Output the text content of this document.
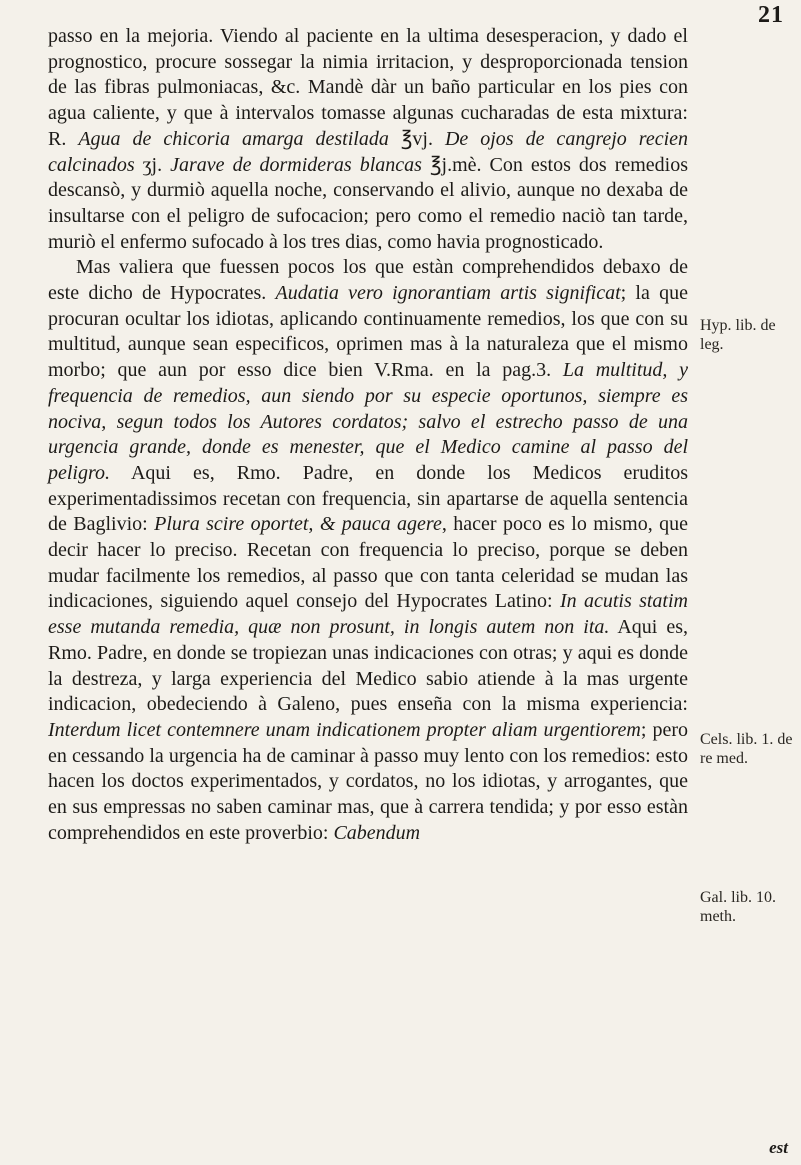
21

passo en la mejoria. Viendo al paciente en la ultima desesperacion, y dado el prognostico, procure sossegar la nimia irritacion, y desproporcionada tension de las fibras pulmoniacas, &c. Mandè dàr un baño particular en los pies con agua caliente, y que à intervalos tomasse algunas cucharadas de esta mixtura: R. Agua de chicoria amarga destilada ℥vj. De ojos de cangrejo recien calcinados ʒj. Jarave de dormideras blancas ℥j.mè. Con estos dos remedios descansò, y durmiò aquella noche, conservando el alivio, aunque no dexaba de insultarse con el peligro de sufocacion; pero como el remedio naciò tan tarde, muriò el enfermo sufocado à los tres dias, como havia prognosticado.

Mas valiera que fuessen pocos los que estàn comprehendidos debaxo de este dicho de Hypocrates. Audatia vero ignorantiam artis significat; la que procuran ocultar los idiotas, aplicando continuamente remedios, los que con su multitud, aunque sean especificos, oprimen mas à la naturaleza que el mismo morbo; que aun por esso dice bien V.Rma. en la pag.3. La multitud, y frequencia de remedios, aun siendo por su especie oportunos, siempre es nociva, segun todos los Autores cordatos; salvo el estrecho passo de una urgencia grande, donde es menester, que el Medico camine al passo del peligro. Aqui es, Rmo. Padre, en donde los Medicos eruditos experimentadissimos recetan con frequencia, sin apartarse de aquella sentencia de Baglivio: Plura scire oportet, & pauca agere, hacer poco es lo mismo, que decir hacer lo preciso. Recetan con frequencia lo preciso, porque se deben mudar facilmente los remedios, al passo que con tanta celeridad se mudan las indicaciones, siguiendo aquel consejo del Hypocrates Latino: In acutis statim esse mutanda remedia, quæ non prosunt, in longis autem non ita. Aqui es, Rmo. Padre, en donde se tropiezan unas indicaciones con otras; y aqui es donde la destreza, y larga experiencia del Medico sabio atiende à la mas urgente indicacion, obedeciendo à Galeno, pues enseña con la misma experiencia: Interdum licet contemnere unam indicationem propter aliam urgentiorem; pero en cessando la urgencia ha de caminar à passo muy lento con los remedios: esto hacen los doctos experimentados, y cordatos, no los idiotas, y arrogantes, que en sus empressas no saben caminar mas, que à carrera tendida; y por esso estàn comprehendidos en este proverbio: Cabendum

Hyp. lib. de leg.
Cels. lib. 1. de re med.
Gal. lib. 10. meth.
est
